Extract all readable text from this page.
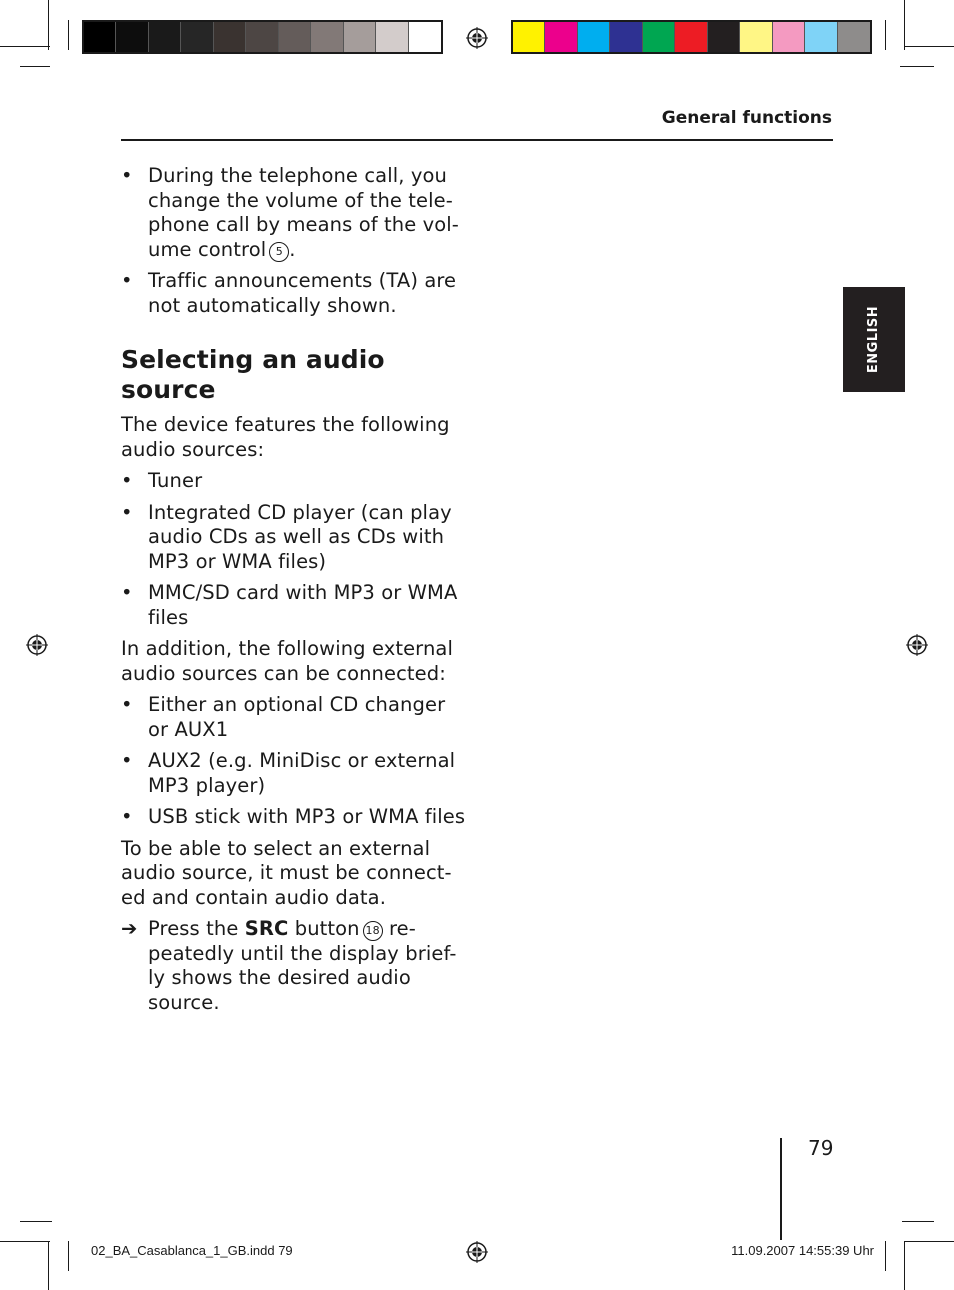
General functions
ENGLISH

• During the telephone call, you change the volume of the tele-phone call by means of the vol-ume control 5 .

• Traffic announcements (TA) are not automatically shown.

Selecting an audio source

The device features the following audio sources:

• Tuner

• Integrated CD player (can play audio CDs as well as CDs with MP3 or WMA files)

• MMC/SD card with MP3 or WMA files

In addition, the following external audio sources can be connected:

• Either an optional CD changer or AUX1

• AUX2 (e.g. MiniDisc or external MP3 player)

• USB stick with MP3 or WMA files

To be able to select an external audio source, it must be connect-ed and contain audio data.

➔ Press the SRC button 18 re-peatedly until the display brief-ly shows the desired audio source.

79
02_BA_Casablanca_1_GB.indd 79	11.09.2007 14:55:39 Uhr
